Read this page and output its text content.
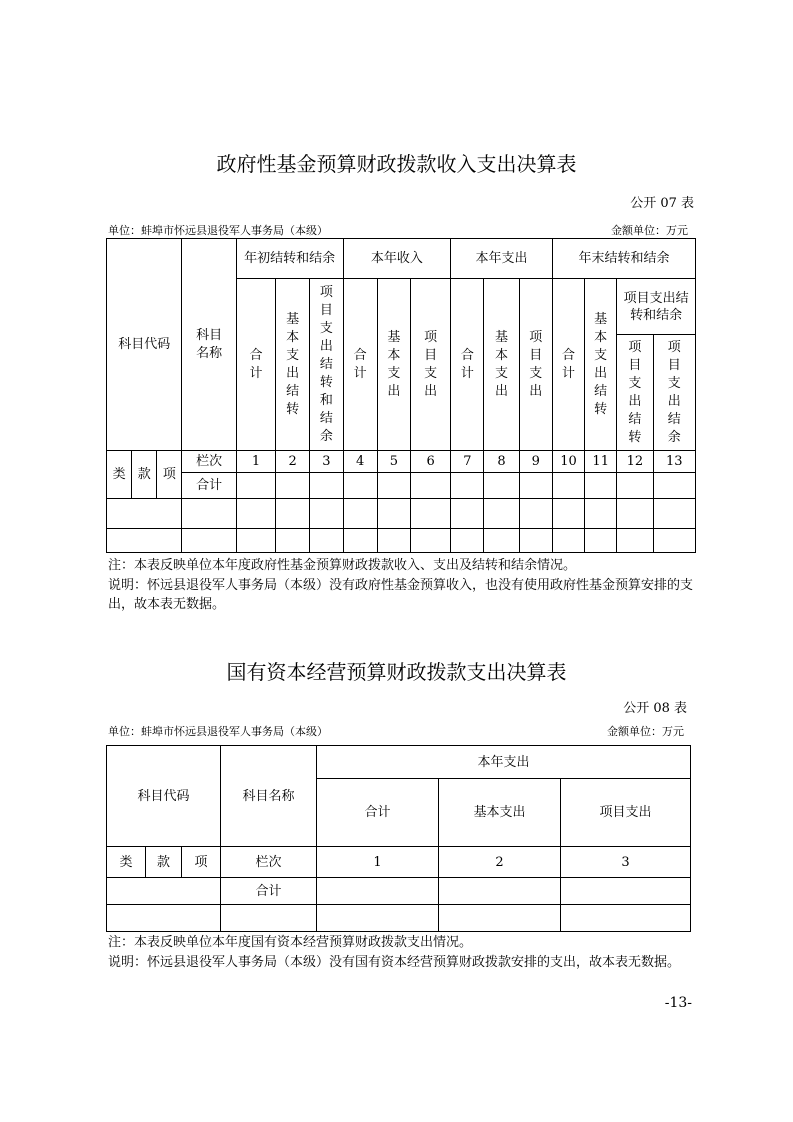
政府性基金预算财政拨款收入支出决算表
公开 07 表
单位：蚌埠市怀远县退役军人事务局（本级）	金额单位：万元
科目代码			科目名称	年初结转和结余			本年收入			本年支出			年末结转和结余			
				合计	基本支出结转	项目支出结转和结余	合计	基本支出	项目支出	合计	基本支出	项目支出	合计	基本支出结转	项目支出结转和结余	
															项目支出结转	项目支出结余
类	款	项	栏次	1	2	3	4	5	6	7	8	9	10	11	12	13
			合计													

注：本表反映单位本年度政府性基金预算财政拨款收入、支出及结转和结余情况。
说明：怀远县退役军人事务局（本级）没有政府性基金预算收入，也没有使用政府性基金预算安排的支出，故本表无数据。
国有资本经营预算财政拨款支出决算表
公开 08 表
单位：蚌埠市怀远县退役军人事务局（本级）	金额单位：万元
科目代码			科目名称	本年支出		
				合计	基本支出	项目支出
类	款	项	栏次	1	2	3
			合计			

注：本表反映单位本年度国有资本经营预算财政拨款支出情况。
说明：怀远县退役军人事务局（本级）没有国有资本经营预算财政拨款安排的支出，故本表无数据。
-13-
